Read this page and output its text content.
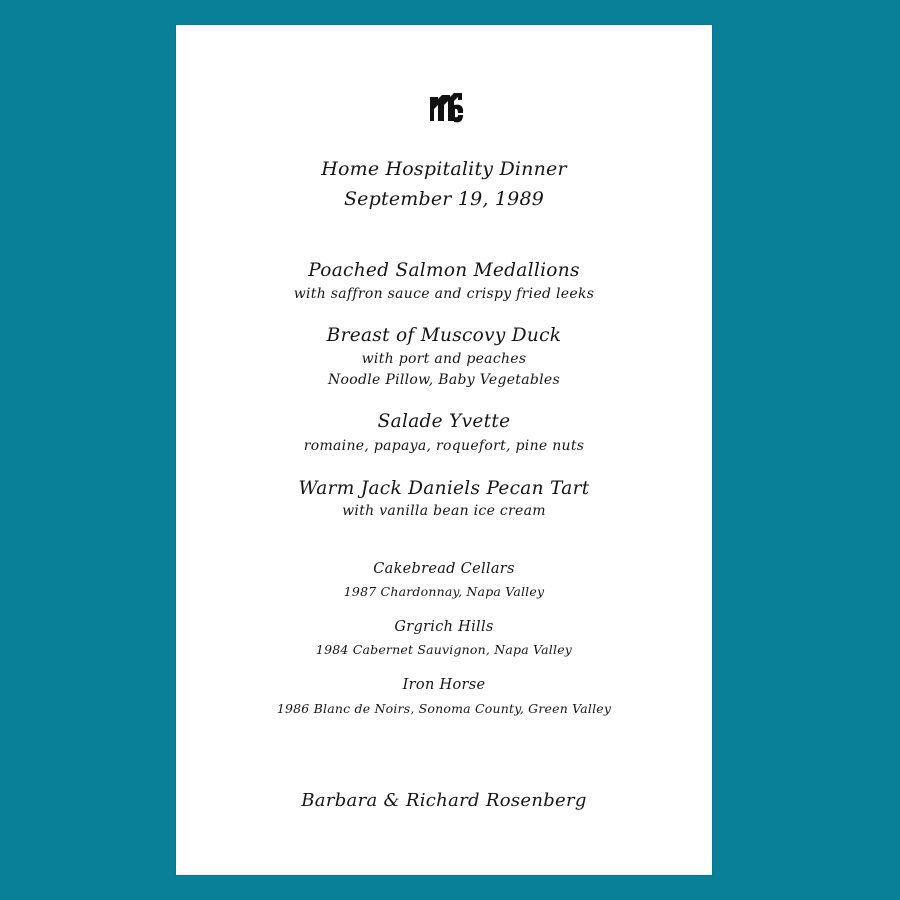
Home Hospitality Dinner
September 19, 1989
Poached Salmon Medallions
with saffron sauce and crispy fried leeks
Breast of Muscovy Duck
with port and peaches
Noodle Pillow, Baby Vegetables
Salade Yvette
romaine, papaya, roquefort, pine nuts
Warm Jack Daniels Pecan Tart
with vanilla bean ice cream
Cakebread Cellars
1987 Chardonnay, Napa Valley
Grgrich Hills
1984 Cabernet Sauvignon, Napa Valley
Iron Horse
1986 Blanc de Noirs, Sonoma County, Green Valley
Barbara & Richard Rosenberg
